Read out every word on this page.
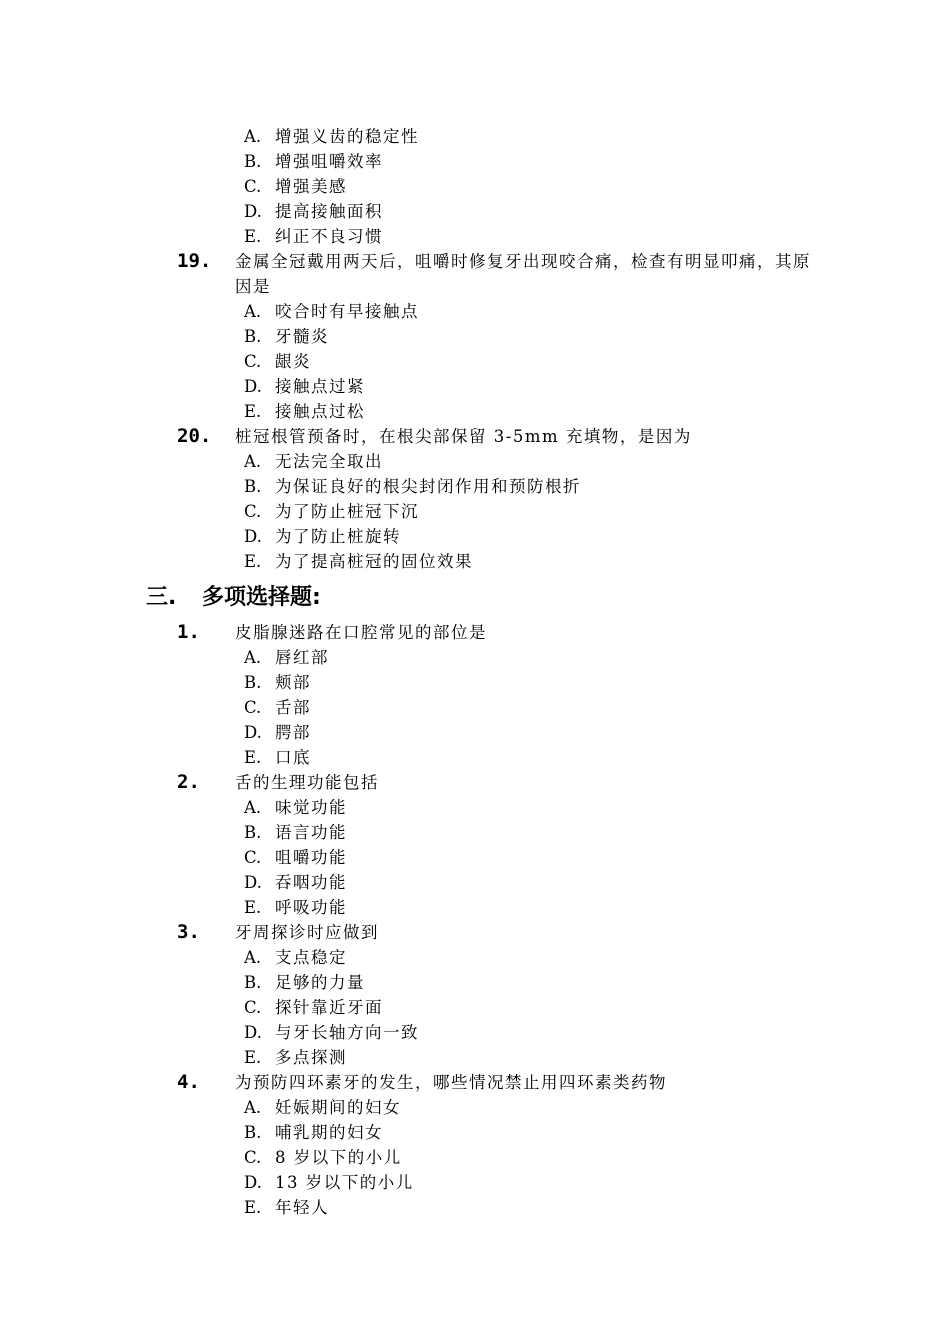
A. 增强义齿的稳定性
B. 增强咀嚼效率
C. 增强美感
D. 提高接触面积
E. 纠正不良习惯
19.	金属全冠戴用两天后，咀嚼时修复牙出现咬合痛，检查有明显叩痛，其原因是
A. 咬合时有早接触点
B. 牙髓炎
C. 龈炎
D. 接触点过紧
E. 接触点过松
20.	桩冠根管预备时，在根尖部保留 3-5mm 充填物，是因为
A. 无法完全取出
B. 为保证良好的根尖封闭作用和预防根折
C. 为了防止桩冠下沉
D. 为了防止桩旋转
E. 为了提高桩冠的固位效果
三. 多项选择题:
1.	皮脂腺迷路在口腔常见的部位是
A. 唇红部
B. 颊部
C. 舌部
D. 腭部
E. 口底
2.	舌的生理功能包括
A. 味觉功能
B. 语言功能
C. 咀嚼功能
D. 吞咽功能
E. 呼吸功能
3.	牙周探诊时应做到
A. 支点稳定
B. 足够的力量
C. 探针靠近牙面
D. 与牙长轴方向一致
E. 多点探测
4.	为预防四环素牙的发生，哪些情况禁止用四环素类药物
A. 妊娠期间的妇女
B. 哺乳期的妇女
C. 8 岁以下的小儿
D. 13 岁以下的小儿
E. 年轻人
